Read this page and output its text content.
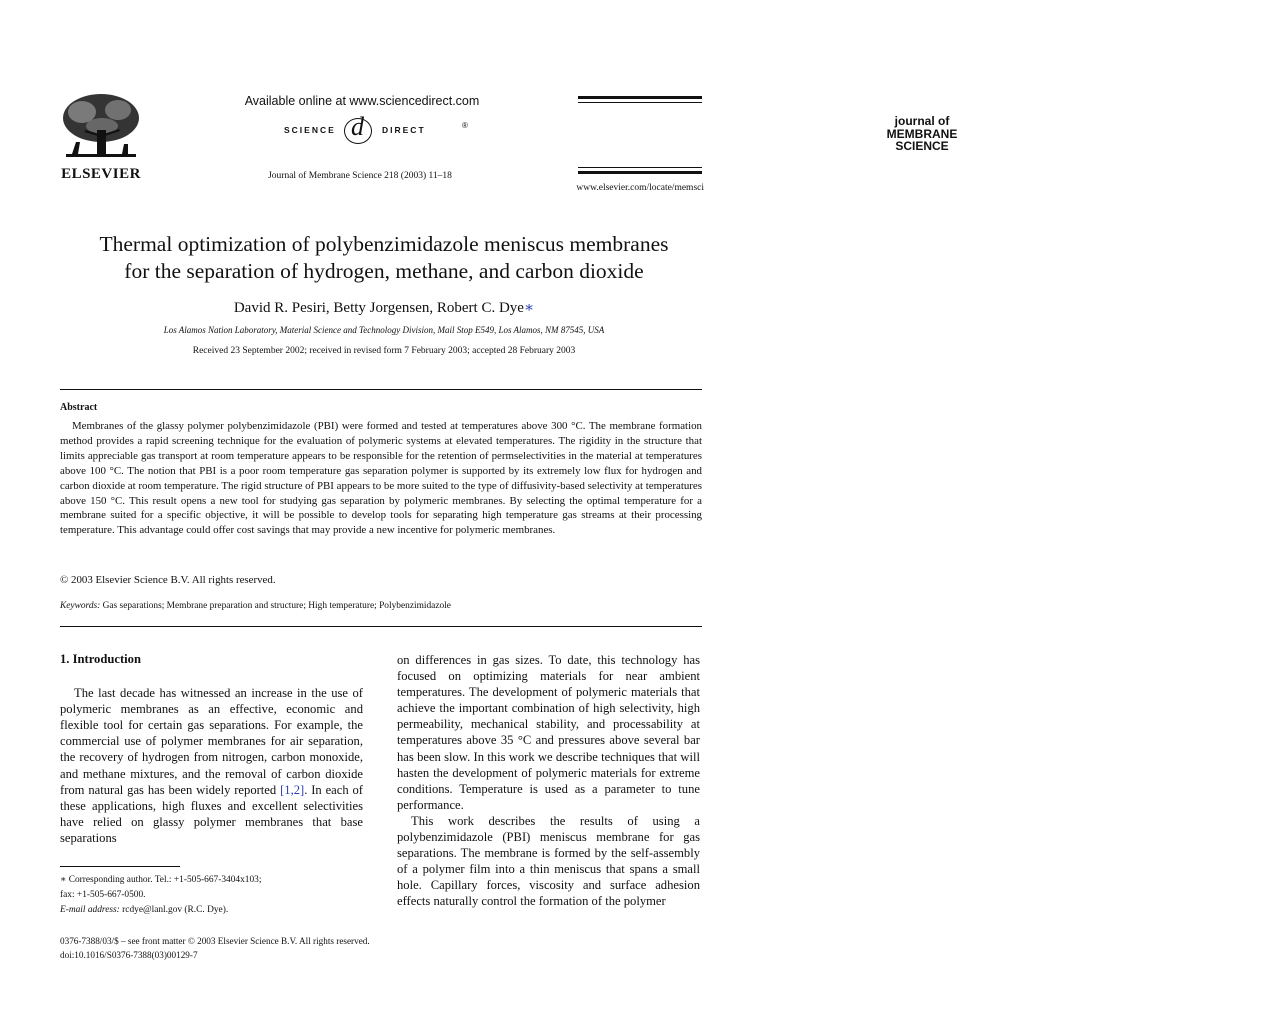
ELSEVIER
Available online at www.sciencedirect.com
SCIENCE d DIRECT	®
Journal of Membrane Science 218 (2003) 11–18
journal of
MEMBRANE
SCIENCE
www.elsevier.com/locate/memsci
Thermal optimization of polybenzimidazole meniscus membranes
for the separation of hydrogen, methane, and carbon dioxide
David R. Pesiri, Betty Jorgensen, Robert C. Dye∗
Los Alamos Nation Laboratory, Material Science and Technology Division, Mail Stop E549, Los Alamos, NM 87545, USA
Received 23 September 2002; received in revised form 7 February 2003; accepted 28 February 2003
Abstract

Membranes of the glassy polymer polybenzimidazole (PBI) were formed and tested at temperatures above 300 °C. The membrane formation method provides a rapid screening technique for the evaluation of polymeric systems at elevated temperatures. The rigidity in the structure that limits appreciable gas transport at room temperature appears to be responsible for the retention of permselectivities in the material at temperatures above 100 °C. The notion that PBI is a poor room temperature gas separation polymer is supported by its extremely low flux for hydrogen and carbon dioxide at room temperature. The rigid structure of PBI appears to be more suited to the type of diffusivity-based selectivity at temperatures above 150 °C. This result opens a new tool for studying gas separation by polymeric membranes. By selecting the optimal temperature for a membrane suited for a specific objective, it will be possible to develop tools for separating high temperature gas streams at their processing temperature. This advantage could offer cost savings that may provide a new incentive for polymeric membranes.

© 2003 Elsevier Science B.V. All rights reserved.
Keywords: Gas separations; Membrane preparation and structure; High temperature; Polybenzimidazole

1. Introduction

The last decade has witnessed an increase in the use of polymeric membranes as an effective, economic and flexible tool for certain gas separations. For example, the commercial use of polymer membranes for air separation, the recovery of hydrogen from nitrogen, carbon monoxide, and methane mixtures, and the removal of carbon dioxide from natural gas has been widely reported [1,2]. In each of these applications, high fluxes and excellent selectivities have relied on glassy polymer membranes that base separations

on differences in gas sizes. To date, this technology has focused on optimizing materials for near ambient temperatures. The development of polymeric materials that achieve the important combination of high selectivity, high permeability, mechanical stability, and processability at temperatures above 35 °C and pressures above several bar has been slow. In this work we describe techniques that will hasten the development of polymeric materials for extreme conditions. Temperature is used as a parameter to tune performance.

This work describes the results of using a polybenzimidazole (PBI) meniscus membrane for gas separations. The membrane is formed by the self-assembly of a polymer film into a thin meniscus that spans a small hole. Capillary forces, viscosity and surface adhesion effects naturally control the formation of the polymer

∗ Corresponding author. Tel.: +1-505-667-3404x103;

fax: +1-505-667-0500.

E-mail address: rcdye@lanl.gov (R.C. Dye).

0376-7388/03/$ – see front matter © 2003 Elsevier Science B.V. All rights reserved.

doi:10.1016/S0376-7388(03)00129-7
